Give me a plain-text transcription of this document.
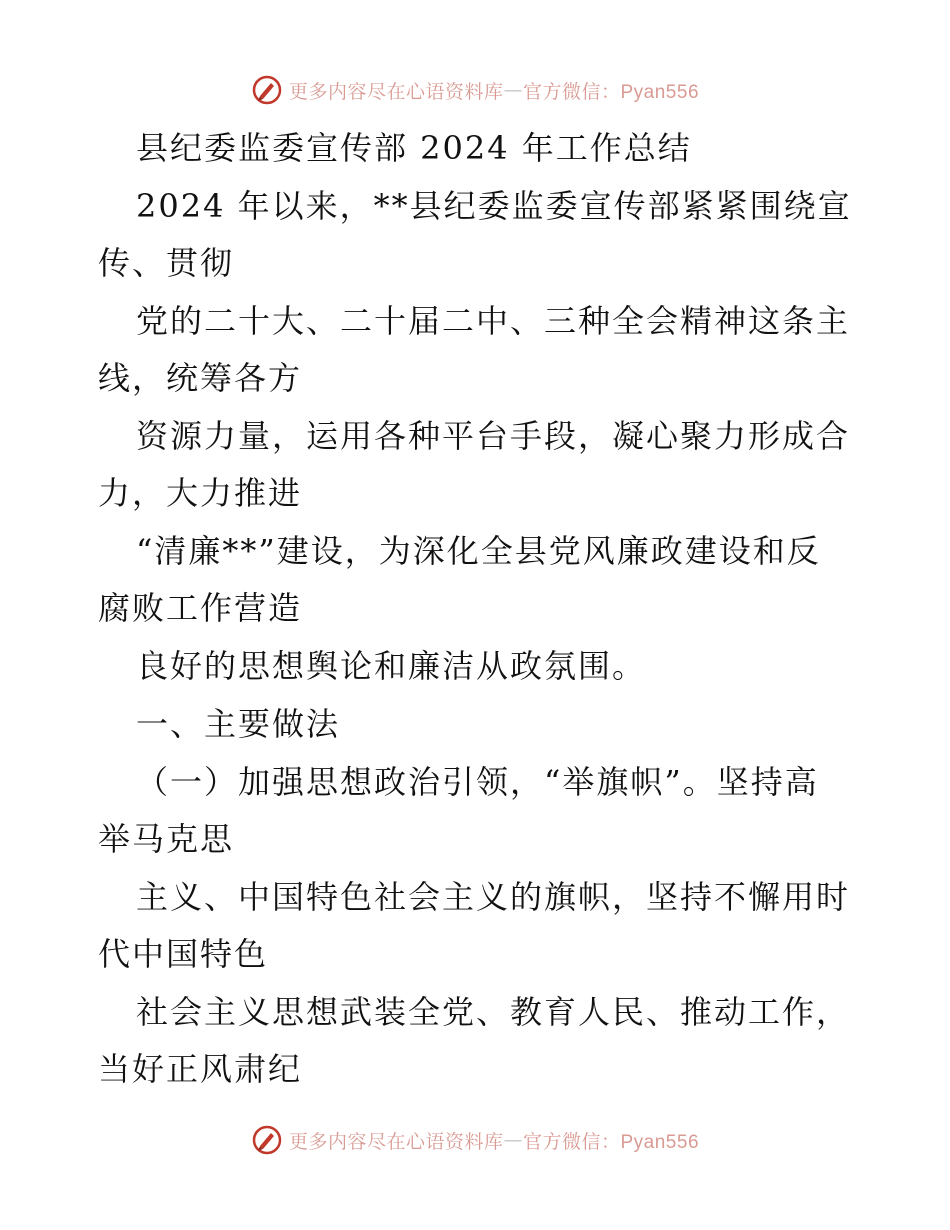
更多内容尽在心语资料库 — 官方微信：Pyan556
县纪委监委宣传部 2024 年工作总结
2024 年以来，**县纪委监委宣传部紧紧围绕宣
传、贯彻
党的二十大、二十届二中、三种全会精神这条主
线，统筹各方
资源力量，运用各种平台手段，凝心聚力形成合
力，大力推进
“清廉**”建设，为深化全县党风廉政建设和反
腐败工作营造
良好的思想舆论和廉洁从政氛围。
一、主要做法
（一）加强思想政治引领，“举旗帜”。坚持高
举马克思
主义、中国特色社会主义的旗帜，坚持不懈用时
代中国特色
社会主义思想武装全党、教育人民、推动工作，
当好正风肃纪
更多内容尽在心语资料库 — 官方微信：Pyan556
